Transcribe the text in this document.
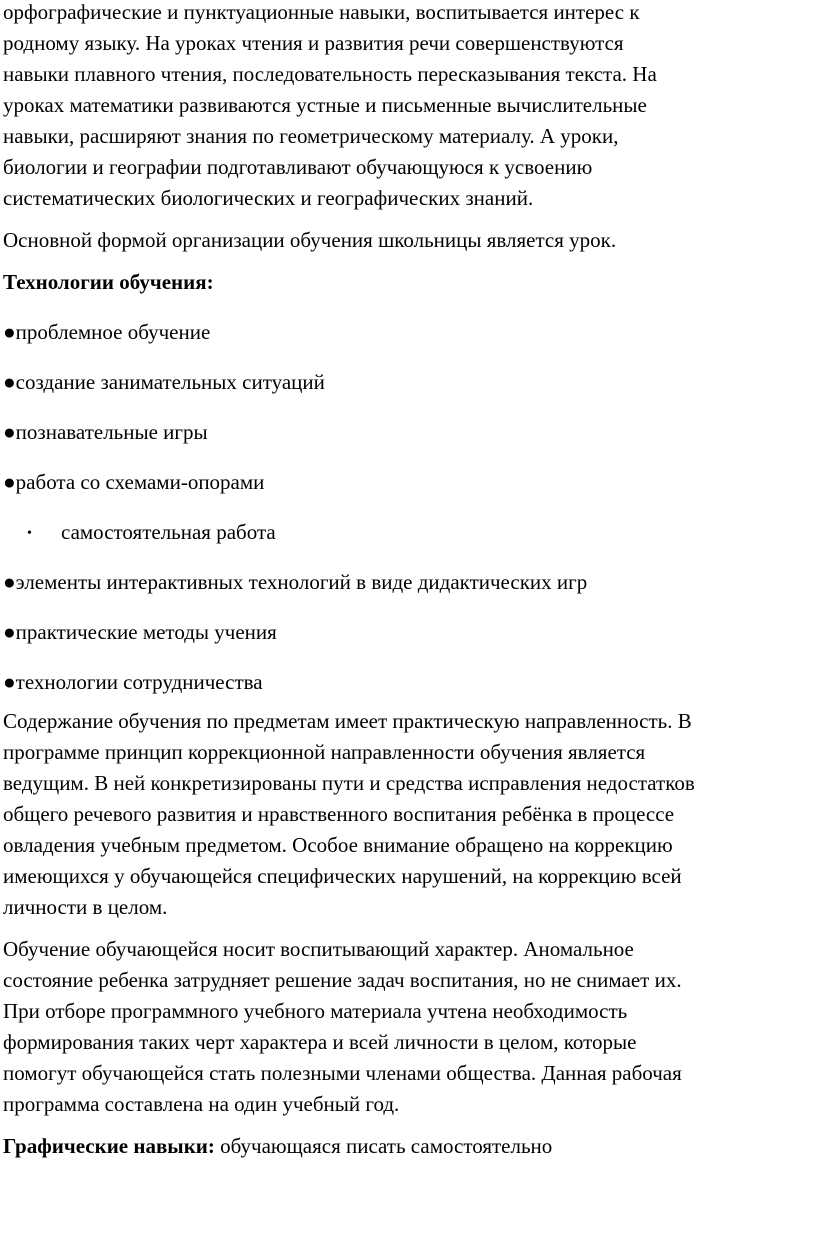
орфографические и пунктуационные навыки, воспитывается интерес к
родному языку. На уроках чтения и развития речи совершенствуются
навыки плавного чтения, последовательность пересказывания текста. На
уроках математики развиваются устные и письменные вычислительные
навыки, расширяют знания по геометрическому материалу. А уроки,
биологии и географии подготавливают обучающуюся к усвоению
систематических биологических и географических знаний.

Основной формой организации обучения школьницы является урок.

Технологии обучения:

●проблемное обучение
●создание занимательных ситуаций
●познавательные игры
●работа со схемами-опорами
• самостоятельная работа
●элементы интерактивных технологий в виде дидактических игр
●практические методы учения
●технологии сотрудничества

Содержание обучения по предметам имеет практическую направленность. В
программе принцип коррекционной направленности обучения является
ведущим. В ней конкретизированы пути и средства исправления недостатков
общего речевого развития и нравственного воспитания ребёнка в процессе
овладения учебным предметом. Особое внимание обращено на коррекцию
имеющихся у обучающейся специфических нарушений, на коррекцию всей
личности в целом.

Обучение обучающейся носит воспитывающий характер. Аномальное
состояние ребенка затрудняет решение задач воспитания, но не снимает их.
При отборе программного учебного материала учтена необходимость
формирования таких черт характера и всей личности в целом, которые
помогут обучающейся стать полезными членами общества. Данная рабочая
программа составлена на один учебный год.

Графические навыки: обучающаяся писать самостоятельно
